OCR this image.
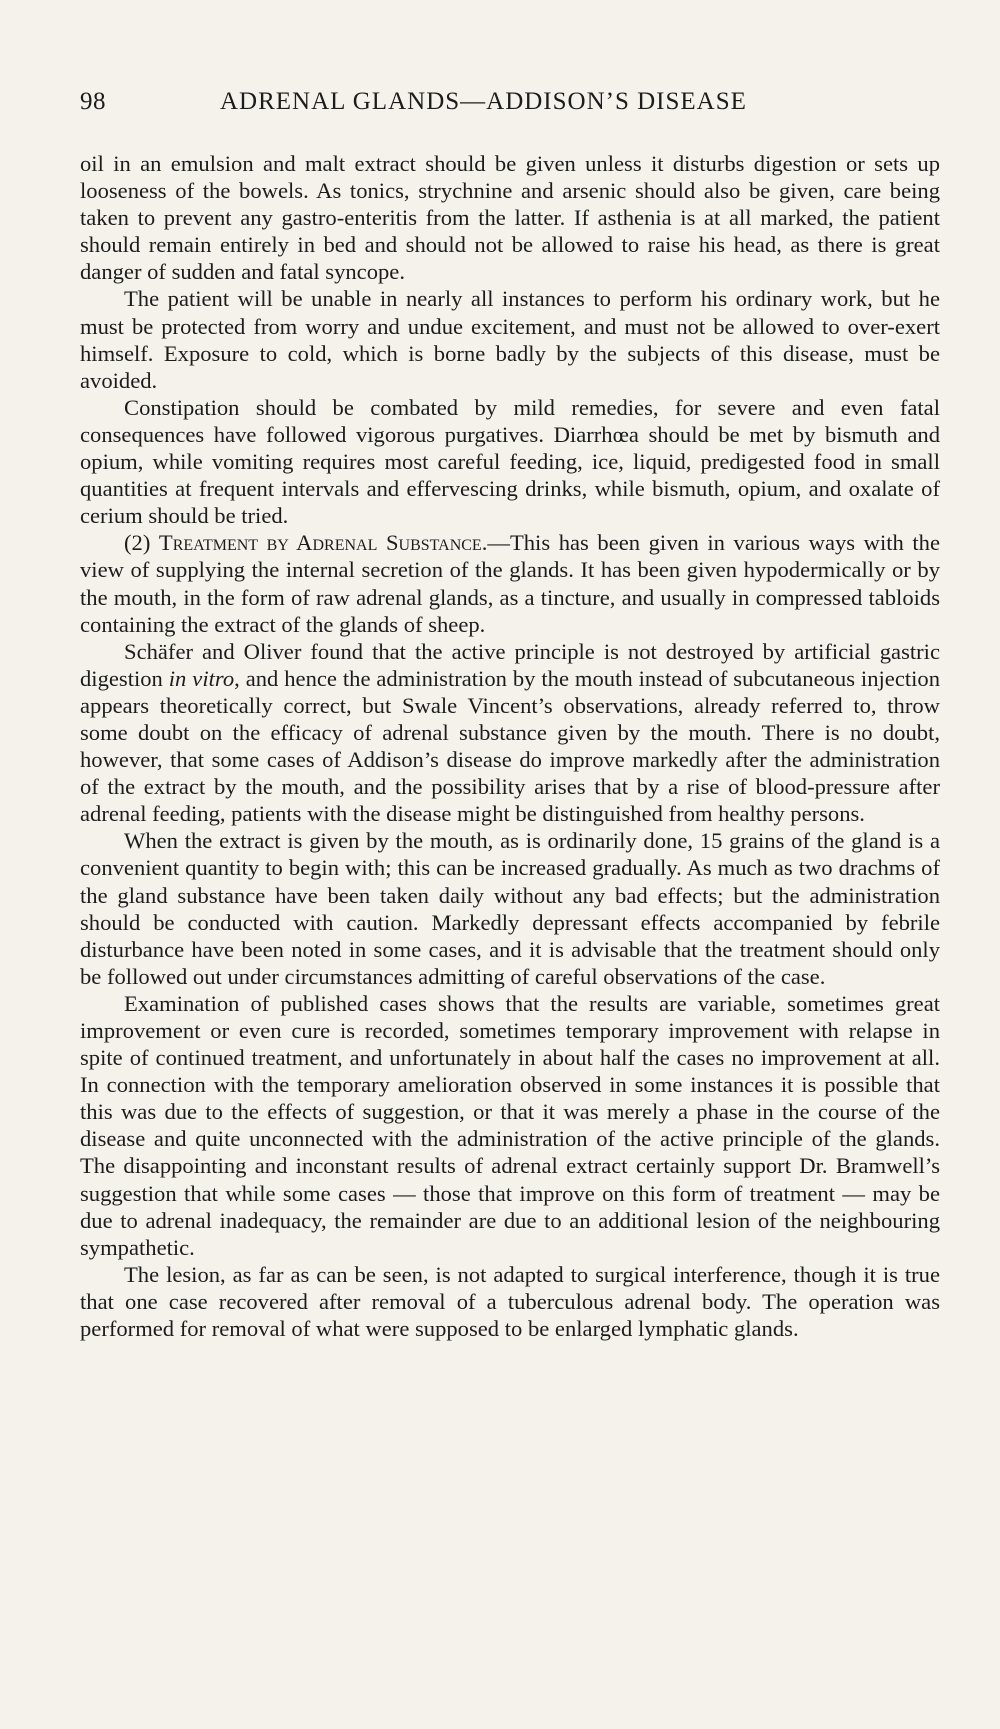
98	ADRENAL GLANDS—ADDISON’S DISEASE

oil in an emulsion and malt extract should be given unless it disturbs digestion or sets up looseness of the bowels. As tonics, strychnine and arsenic should also be given, care being taken to prevent any gastro-enteritis from the latter. If asthenia is at all marked, the patient should remain entirely in bed and should not be allowed to raise his head, as there is great danger of sudden and fatal syncope.

The patient will be unable in nearly all instances to perform his ordinary work, but he must be protected from worry and undue excitement, and must not be allowed to over-exert himself. Exposure to cold, which is borne badly by the subjects of this disease, must be avoided.

Constipation should be combated by mild remedies, for severe and even fatal consequences have followed vigorous purgatives. Diarrhœa should be met by bismuth and opium, while vomiting requires most careful feeding, ice, liquid, predigested food in small quantities at frequent intervals and effervescing drinks, while bismuth, opium, and oxalate of cerium should be tried.

(2) Treatment by Adrenal Substance.—This has been given in various ways with the view of supplying the internal secretion of the glands. It has been given hypodermically or by the mouth, in the form of raw adrenal glands, as a tincture, and usually in compressed tabloids containing the extract of the glands of sheep.

Schäfer and Oliver found that the active principle is not destroyed by artificial gastric digestion in vitro, and hence the administration by the mouth instead of subcutaneous injection appears theoretically correct, but Swale Vincent’s observations, already referred to, throw some doubt on the efficacy of adrenal substance given by the mouth. There is no doubt, however, that some cases of Addison’s disease do improve markedly after the administration of the extract by the mouth, and the possibility arises that by a rise of blood-pressure after adrenal feeding, patients with the disease might be distinguished from healthy persons.

When the extract is given by the mouth, as is ordinarily done, 15 grains of the gland is a convenient quantity to begin with; this can be increased gradually. As much as two drachms of the gland substance have been taken daily without any bad effects; but the administration should be conducted with caution. Markedly depressant effects accompanied by febrile disturbance have been noted in some cases, and it is advisable that the treatment should only be followed out under circumstances admitting of careful observations of the case.

Examination of published cases shows that the results are variable, sometimes great improvement or even cure is recorded, sometimes temporary improvement with relapse in spite of continued treatment, and unfortunately in about half the cases no improvement at all. In connection with the temporary amelioration observed in some instances it is possible that this was due to the effects of suggestion, or that it was merely a phase in the course of the disease and quite unconnected with the administration of the active principle of the glands. The disappointing and inconstant results of adrenal extract certainly support Dr. Bramwell’s suggestion that while some cases — those that improve on this form of treatment — may be due to adrenal inadequacy, the remainder are due to an additional lesion of the neighbouring sympathetic.

The lesion, as far as can be seen, is not adapted to surgical interference, though it is true that one case recovered after removal of a tuberculous adrenal body. The operation was performed for removal of what were supposed to be enlarged lymphatic glands.
